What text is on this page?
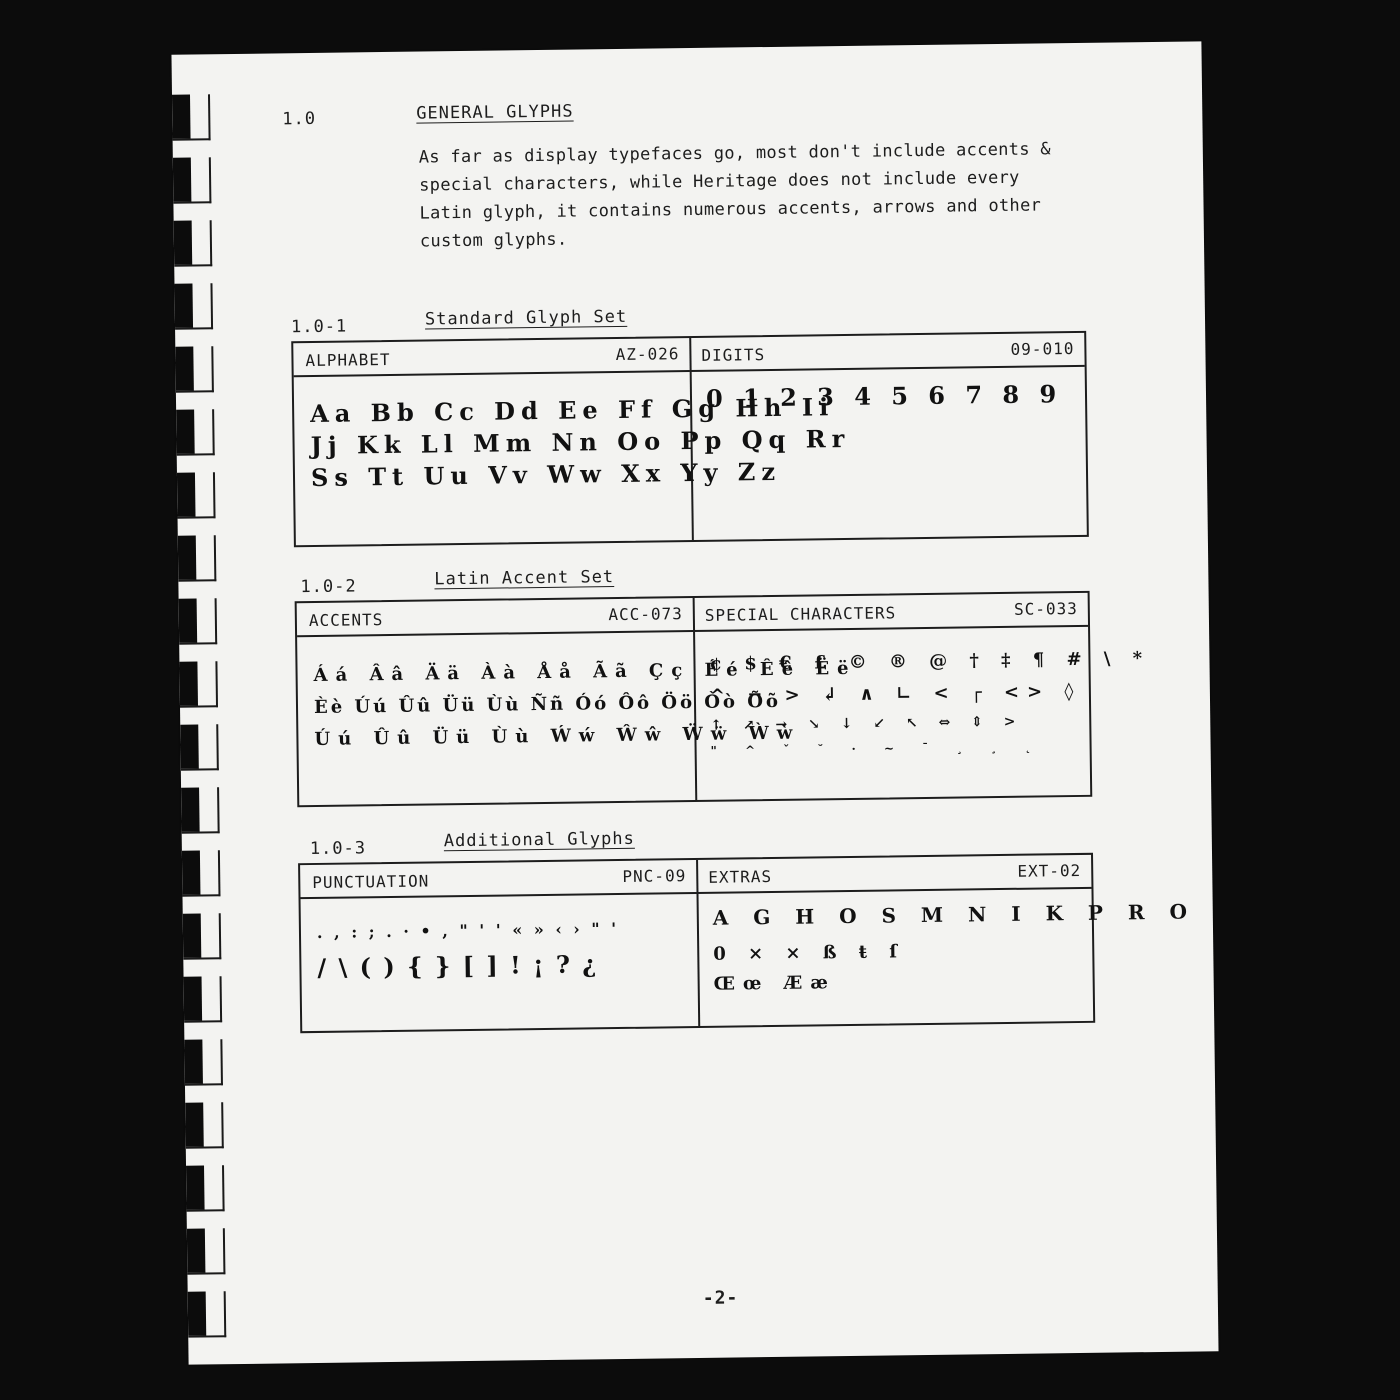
1.0	GENERAL GLYPHS
As far as display typefaces go, most don't include accents &
special characters, while Heritage does not include every
Latin glyph, it contains numerous accents, arrows and other
custom glyphs.
1.0-1	Standard Glyph Set
ALPHABET	AZ-026
Aa Bb Cc Dd Ee Ff Gg Hh Ii
Jj Kk Ll Mm Nn Oo Pp Qq Rr
Ss Tt Uu Vv Ww Xx Yy Zz
DIGITS	09-010
0 1 2 3 4 5 6 7 8 9
1.0-2	Latin Accent Set
ACCENTS	ACC-073
Áá Ââ Ää Àà Åå Ãã Çç Éé Êê Ëë
Èè Úú Ûû Üü Ùù Ññ Óó Ôô Öö Òò Õõ
Úú Ûû Üü Ùù Ẃẃ Ŵŵ Ẅẅ Ẁẁ
SPECIAL CHARACTERS	SC-033
¢ $ € £ © ® @ † ‡ ¶ # \ *
^ ¬ > ↲ ∧ ∟ < ┌ <> ◊
↑ ↗ → ↘ ↓ ↙ ↖ ⇔ ⇕ >
" ^ ˇ ˘ · ~ ¯ ¸ ¸ ˛
1.0-3	Additional Glyphs
PUNCTUATION	PNC-09
. , : ; . · • , " ' ' « » ‹ › " '
/ \ ( ) { } [ ] ! ¡ ? ¿
EXTRAS	EXT-02
A G H O S M N I K P R O
0 × × ß ŧ ſ
Œœ Ææ
-2-
